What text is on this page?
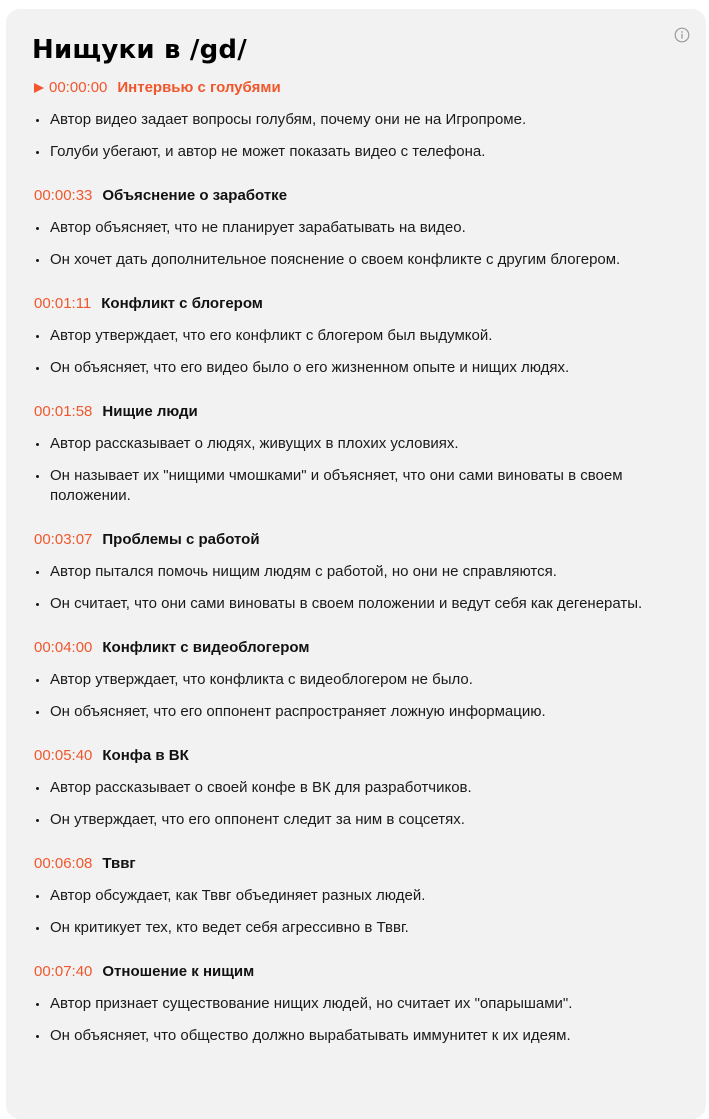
Нищуки в /gd/
00:00:00 Интервью с голубями
Автор видео задает вопросы голубям, почему они не на Игропроме.
Голуби убегают, и автор не может показать видео с телефона.
00:00:33 Объяснение о заработке
Автор объясняет, что не планирует зарабатывать на видео.
Он хочет дать дополнительное пояснение о своем конфликте с другим блогером.
00:01:11 Конфликт с блогером
Автор утверждает, что его конфликт с блогером был выдумкой.
Он объясняет, что его видео было о его жизненном опыте и нищих людях.
00:01:58 Нищие люди
Автор рассказывает о людях, живущих в плохих условиях.
Он называет их "нищими чмошками" и объясняет, что они сами виноваты в своем положении.
00:03:07 Проблемы с работой
Автор пытался помочь нищим людям с работой, но они не справляются.
Он считает, что они сами виноваты в своем положении и ведут себя как дегенераты.
00:04:00 Конфликт с видеоблогером
Автор утверждает, что конфликта с видеоблогером не было.
Он объясняет, что его оппонент распространяет ложную информацию.
00:05:40 Конфа в ВК
Автор рассказывает о своей конфе в ВК для разработчиков.
Он утверждает, что его оппонент следит за ним в соцсетях.
00:06:08 Тввг
Автор обсуждает, как Тввг объединяет разных людей.
Он критикует тех, кто ведет себя агрессивно в Тввг.
00:07:40 Отношение к нищим
Автор признает существование нищих людей, но считает их "опарышами".
Он объясняет, что общество должно вырабатывать иммунитет к их идеям.
